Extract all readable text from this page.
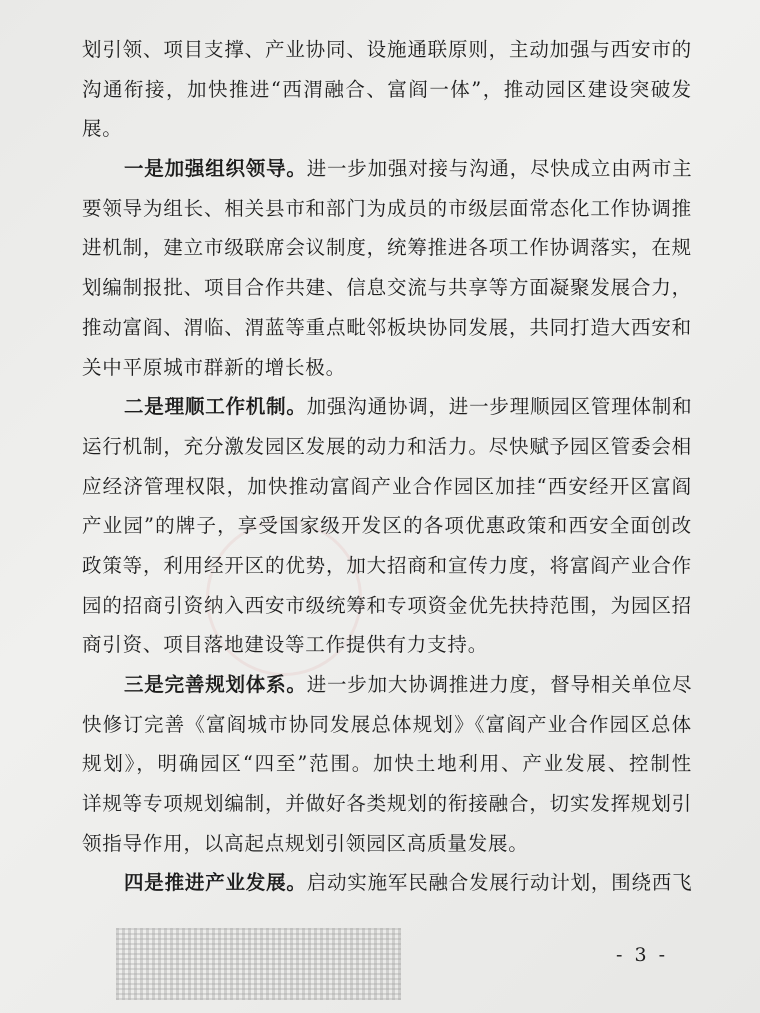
划引领、项目支撑、产业协同、设施通联原则，主动加强与西安市的
沟通衔接，加快推进“西渭融合、富阎一体”，推动园区建设突破发
展。
一是加强组织领导。进一步加强对接与沟通，尽快成立由两市主
要领导为组长、相关县市和部门为成员的市级层面常态化工作协调推
进机制，建立市级联席会议制度，统筹推进各项工作协调落实，在规
划编制报批、项目合作共建、信息交流与共享等方面凝聚发展合力，
推动富阎、渭临、渭蓝等重点毗邻板块协同发展，共同打造大西安和
关中平原城市群新的增长极。
二是理顺工作机制。加强沟通协调，进一步理顺园区管理体制和
运行机制，充分激发园区发展的动力和活力。尽快赋予园区管委会相
应经济管理权限，加快推动富阎产业合作园区加挂“西安经开区富阎
产业园”的牌子，享受国家级开发区的各项优惠政策和西安全面创改
政策等，利用经开区的优势，加大招商和宣传力度，将富阎产业合作
园的招商引资纳入西安市级统筹和专项资金优先扶持范围，为园区招
商引资、项目落地建设等工作提供有力支持。
三是完善规划体系。进一步加大协调推进力度，督导相关单位尽
快修订完善《富阎城市协同发展总体规划》《富阎产业合作园区总体
规划》，明确园区“四至”范围。加快土地利用、产业发展、控制性
详规等专项规划编制，并做好各类规划的衔接融合，切实发挥规划引
领指导作用，以高起点规划引领园区高质量发展。
四是推进产业发展。启动实施军民融合发展行动计划，围绕西飞
- 3 -
